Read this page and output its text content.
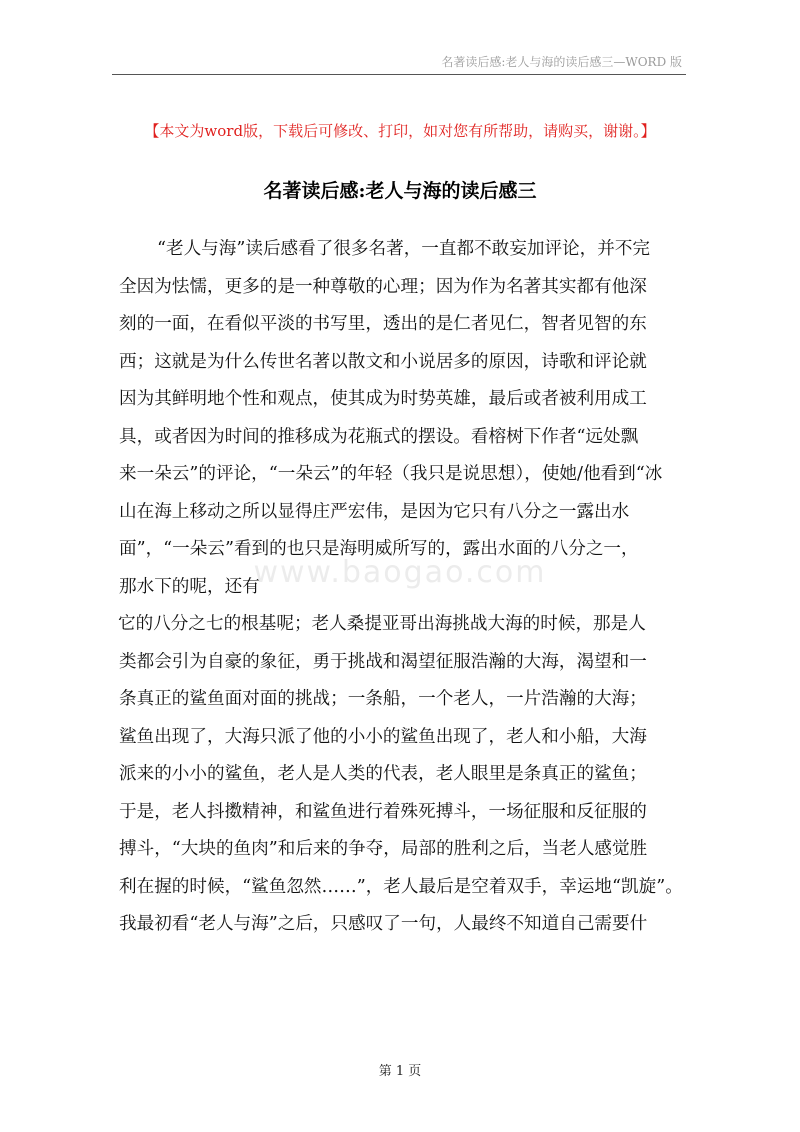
名著读后感:老人与海的读后感三—WORD 版
【本文为word版，下载后可修改、打印，如对您有所帮助，请购买，谢谢。】
名著读后感:老人与海的读后感三
“老人与海”读后感看了很多名著，一直都不敢妄加评论，并不完
全因为怯懦，更多的是一种尊敬的心理；因为作为名著其实都有他深
刻的一面，在看似平淡的书写里，透出的是仁者见仁，智者见智的东
西；这就是为什么传世名著以散文和小说居多的原因，诗歌和评论就
因为其鲜明地个性和观点，使其成为时势英雄，最后或者被利用成工
具，或者因为时间的推移成为花瓶式的摆设。看榕树下作者“远处飘
来一朵云”的评论，“一朵云”的年轻（我只是说思想），使她/他看到“冰
山在海上移动之所以显得庄严宏伟，是因为它只有八分之一露出水
面”，“一朵云”看到的也只是海明威所写的，露出水面的八分之一，
那水下的呢，还有
它的八分之七的根基呢；老人桑提亚哥出海挑战大海的时候，那是人
类都会引为自豪的象征，勇于挑战和渴望征服浩瀚的大海，渴望和一
条真正的鲨鱼面对面的挑战；一条船，一个老人，一片浩瀚的大海；
鲨鱼出现了，大海只派了他的小小的鲨鱼出现了，老人和小船，大海
派来的小小的鲨鱼，老人是人类的代表，老人眼里是条真正的鲨鱼；
于是，老人抖擞精神，和鲨鱼进行着殊死搏斗，一场征服和反征服的
搏斗，“大块的鱼肉”和后来的争夺，局部的胜利之后，当老人感觉胜
利在握的时候，“鲨鱼忽然……”，老人最后是空着双手，幸运地“凯旋”。
我最初看“老人与海”之后，只感叹了一句，人最终不知道自己需要什
www.baogao.com
第 1 页
